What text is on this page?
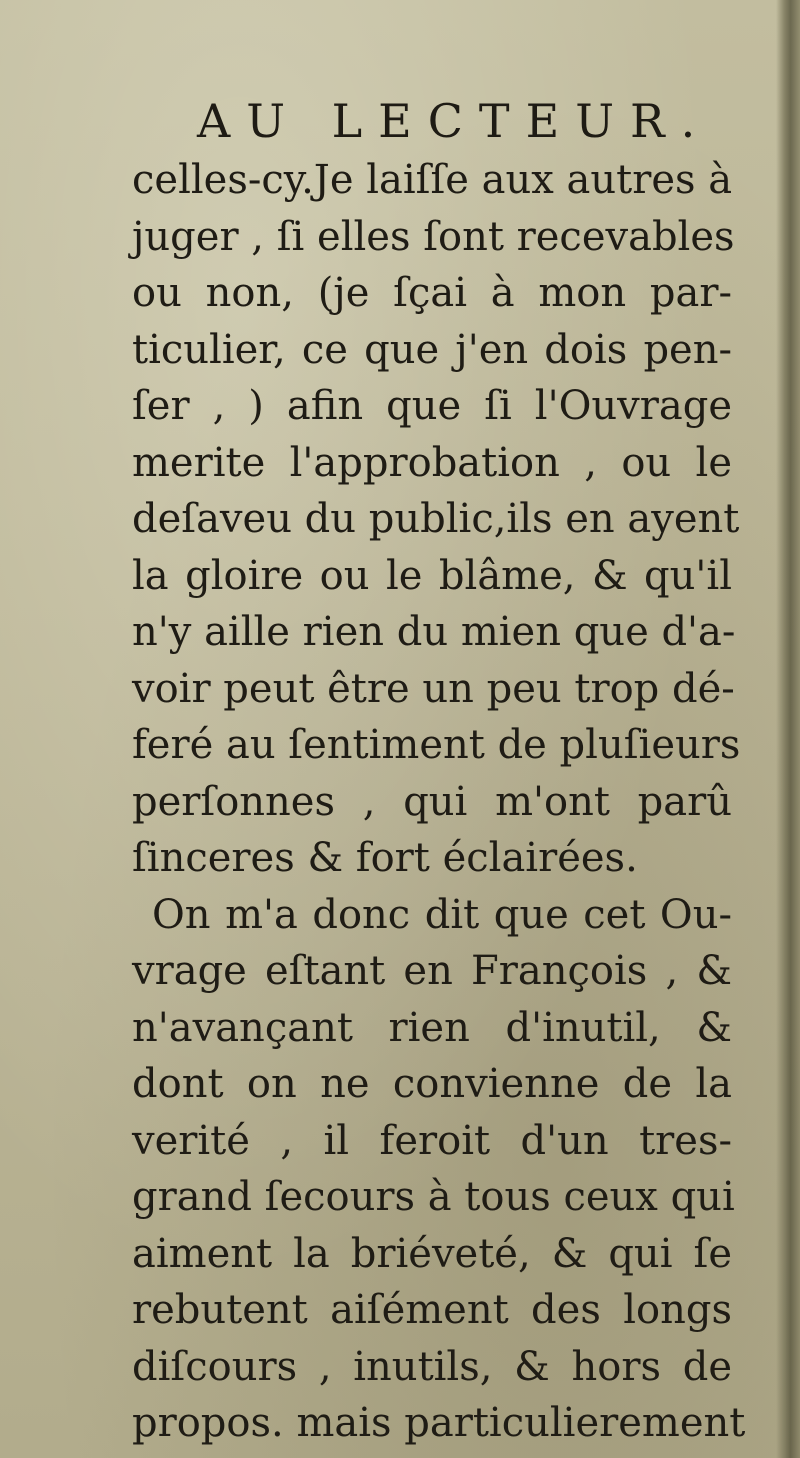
AU LECTEUR.
celles-cy.Je laiſſe aux autres à
juger , ſi elles ſont recevables
ou non, (je ſçai à mon par-
ticulier, ce que j'en dois pen-
ſer , ) afin que ſi l'Ouvrage
merite l'approbation , ou le
deſaveu du public,ils en ayent
la gloire ou le blâme, & qu'il
n'y aille rien du mien que d'a-
voir peut être un peu trop dé-
feré au ſentiment de pluſieurs
perſonnes , qui m'ont parû
ſinceres & fort éclairées.
On m'a donc dit que cet Ou-
vrage eſtant en François , &
n'avançant rien d'inutil, &
dont on ne convienne de la
verité , il feroit d'un tres-
grand ſecours à tous ceux qui
aiment la briéveté, & qui ſe
rebutent aiſément des longs
diſcours , inutils, & hors de
propos. mais particulierement
